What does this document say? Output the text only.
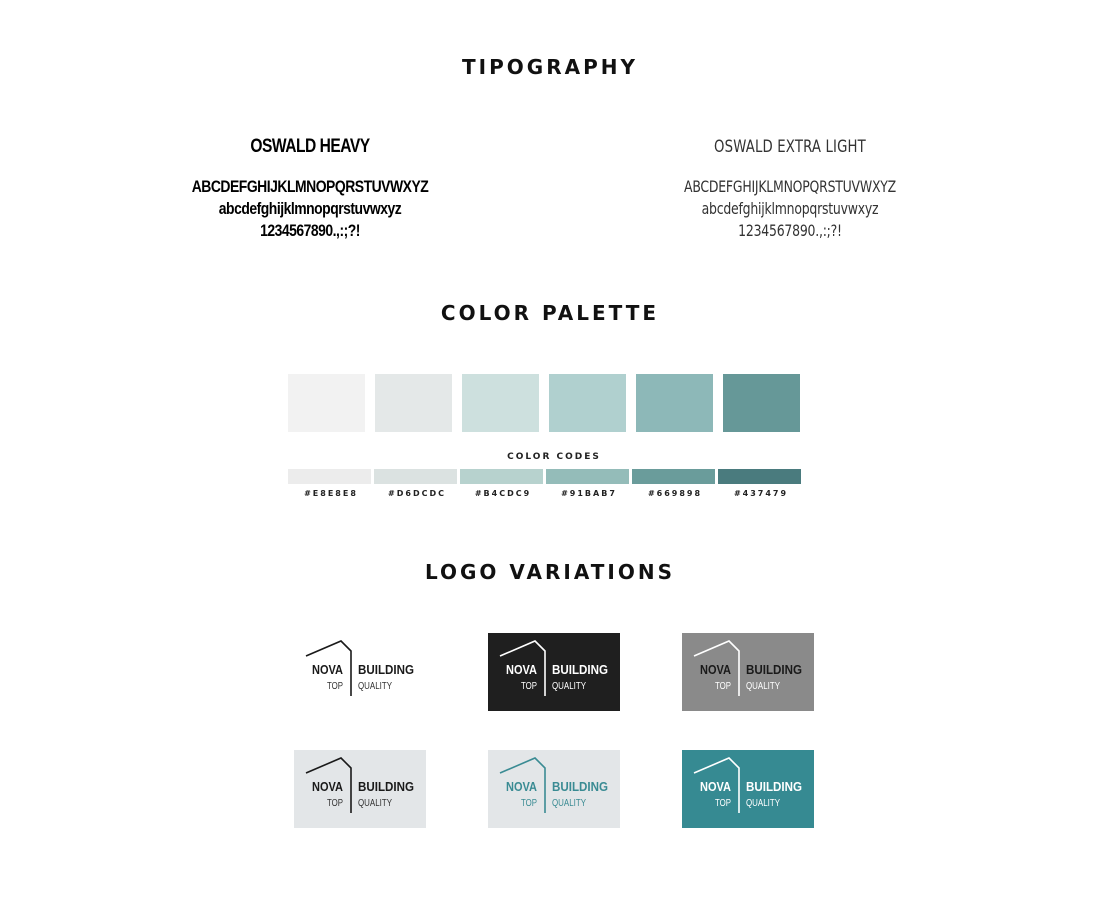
TIPOGRAPHY
OSWALD HEAVY
ABCDEFGHIJKLMNOPQRSTUVWXYZ
abcdefghijklmnopqrstuvwxyz
1234567890.,:;?!
OSWALD EXTRA LIGHT
ABCDEFGHIJKLMNOPQRSTUVWXYZ
abcdefghijklmnopqrstuvwxyz
1234567890.,:;?!
COLOR PALETTE
COLOR CODES
#E8E8E8	#D6DCDC	#B4CDC9	#91BAB7	#669898	#437479
LOGO VARIATIONS
NOVA
TOP
BUILDING
QUALITY
NOVA
TOP
BUILDING
QUALITY
NOVA
TOP
BUILDING
QUALITY
NOVA
TOP
BUILDING
QUALITY
NOVA
TOP
BUILDING
QUALITY
NOVA
TOP
BUILDING
QUALITY
